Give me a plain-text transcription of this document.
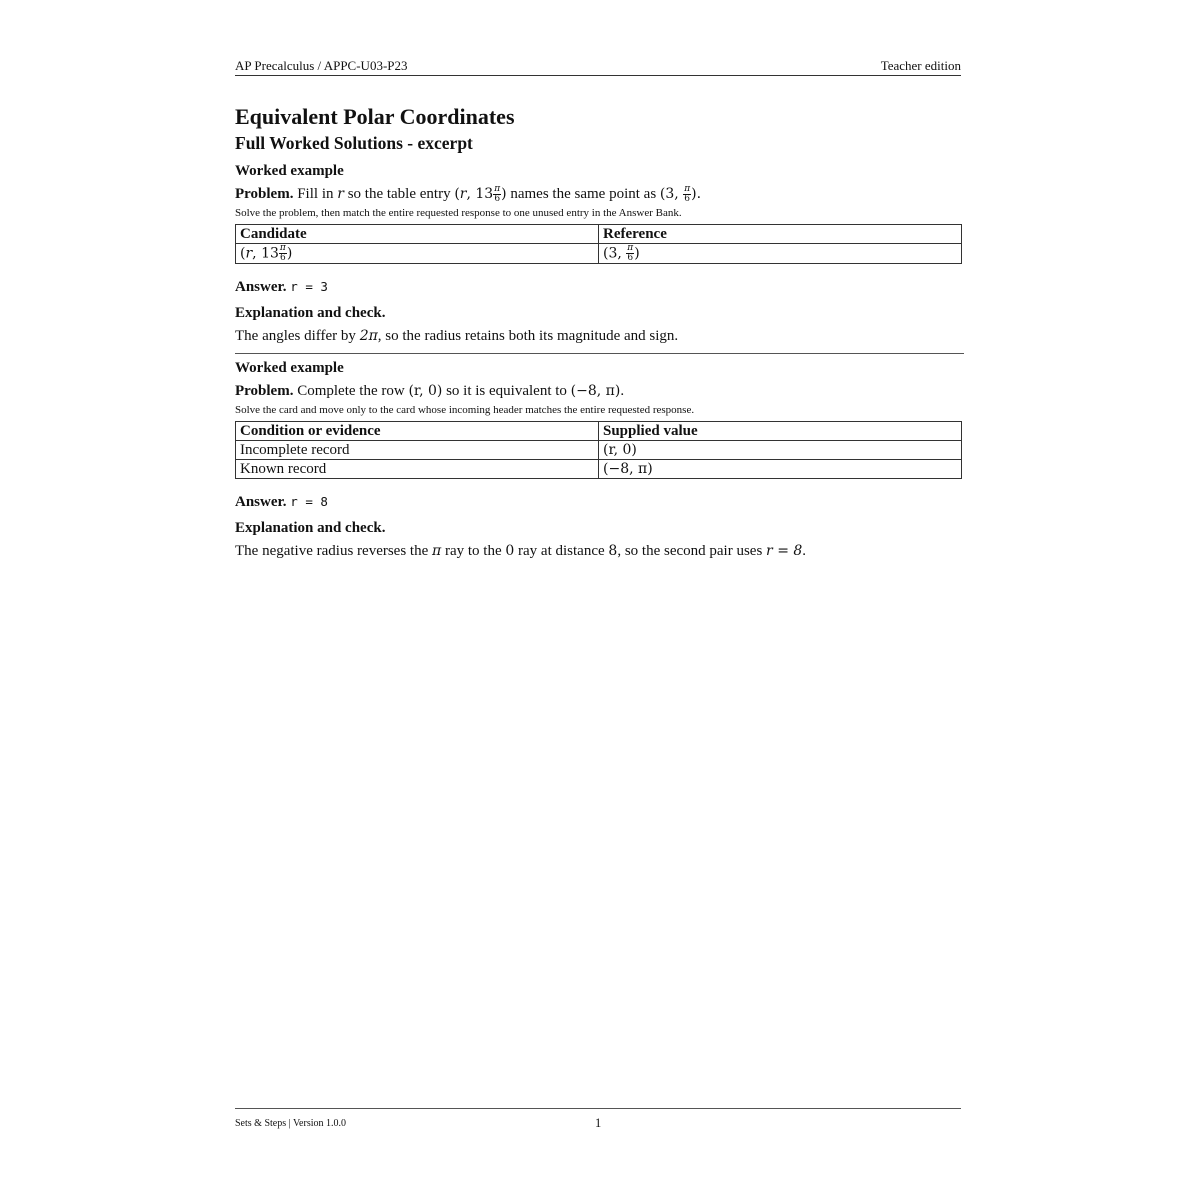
AP Precalculus / APPC-U03-P23	Teacher edition
Equivalent Polar Coordinates
Full Worked Solutions - excerpt
Worked example
Problem. Fill in r so the table entry (r, $13 \frac{\pi}{6}$ ) names the same point as (3, $\frac{\pi}{6}$ ).
Solve the problem, then match the entire requested response to one unused entry in the Answer Bank.
Candidate	Reference
(r, $13 \frac{\pi}{6}$ )	(3, $\frac{\pi}{6}$ )
Answer. r = 3
Explanation and check.
The angles differ by 2π, so the radius retains both its magnitude and sign.
Worked example
Problem. Complete the row (r, 0) so it is equivalent to (−8, π).
Solve the card and move only to the card whose incoming header matches the entire requested response.
Condition or evidence	Supplied value
Incomplete record	(r, 0)
Known record	(−8, π)
Answer. r = 8
Explanation and check.
The negative radius reverses the π ray to the 0 ray at distance 8, so the second pair uses r = 8.
Sets & Steps | Version 1.0.0	1
